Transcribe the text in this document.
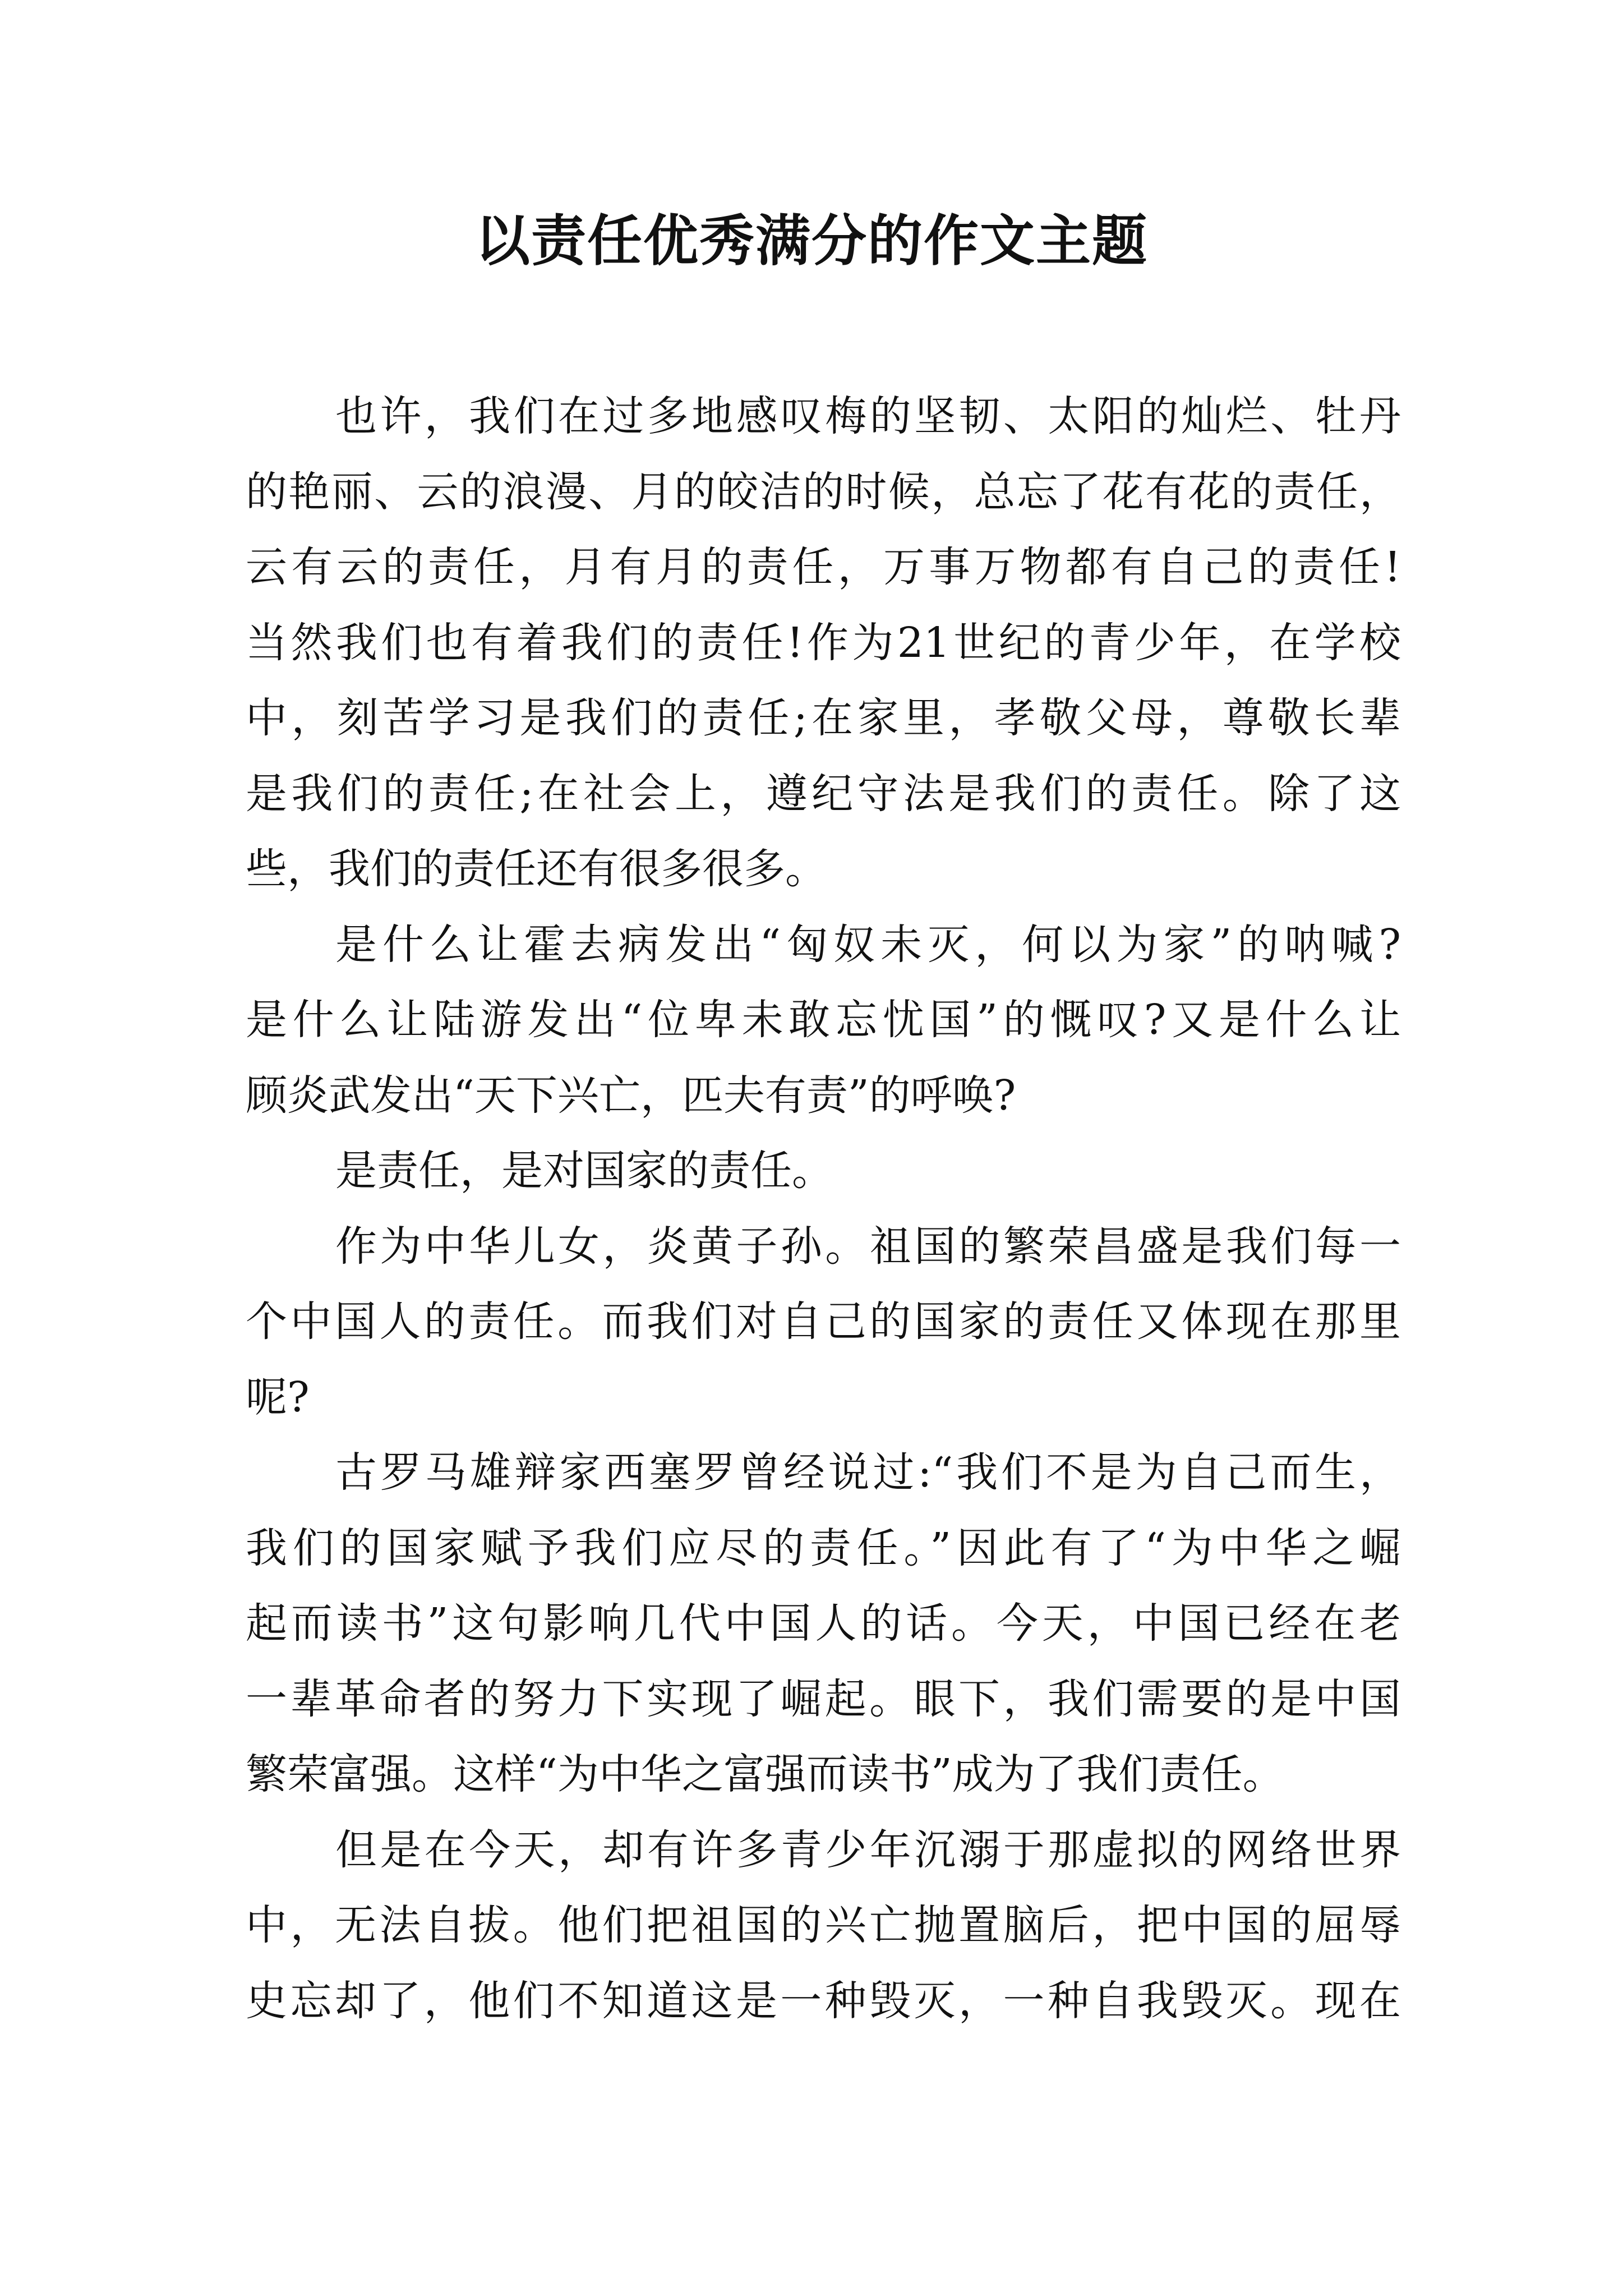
以责任优秀满分的作文主题

也许，我们在过多地感叹梅的坚韧、太阳的灿烂、牡丹
的艳丽、云的浪漫、月的皎洁的时候，总忘了花有花的责任，
云有云的责任，月有月的责任，万事万物都有自己的责任!
当然我们也有着我们的责任!作为21世纪的青少年，在学校
中，刻苦学习是我们的责任;在家里，孝敬父母，尊敬长辈
是我们的责任;在社会上，遵纪守法是我们的责任。除了这
些，我们的责任还有很多很多。

是什么让霍去病发出“匈奴未灭，何以为家”的呐喊?
是什么让陆游发出“位卑未敢忘忧国”的慨叹?又是什么让
顾炎武发出“天下兴亡，匹夫有责”的呼唤?

是责任，是对国家的责任。

作为中华儿女，炎黄子孙。祖国的繁荣昌盛是我们每一
个中国人的责任。而我们对自己的国家的责任又体现在那里
呢?

古罗马雄辩家西塞罗曾经说过:“我们不是为自己而生，
我们的国家赋予我们应尽的责任。”因此有了“为中华之崛
起而读书”这句影响几代中国人的话。今天，中国已经在老
一辈革命者的努力下实现了崛起。眼下，我们需要的是中国
繁荣富强。这样“为中华之富强而读书”成为了我们责任。

但是在今天，却有许多青少年沉溺于那虚拟的网络世界
中，无法自拔。他们把祖国的兴亡抛置脑后，把中国的屈辱
史忘却了，他们不知道这是一种毁灭，一种自我毁灭。现在
